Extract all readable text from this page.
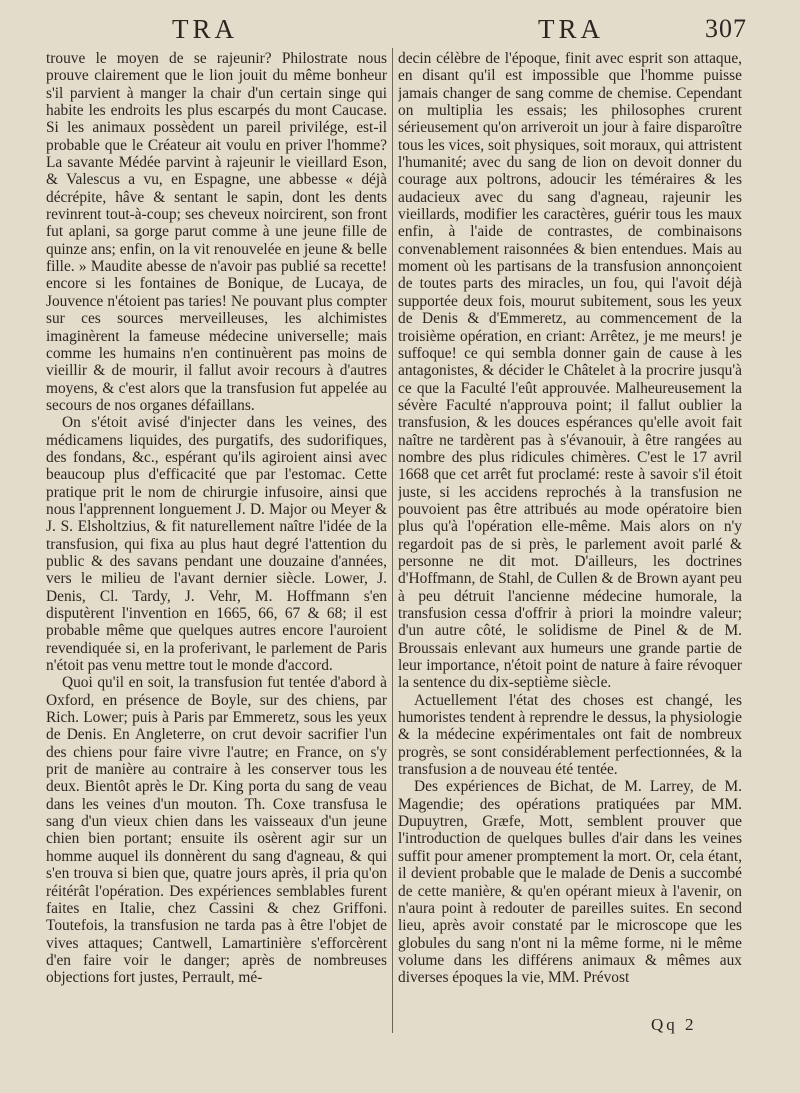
TRA	TRA	307

trouve le moyen de se rajeunir? Philostrate nous prouve clairement que le lion jouit du même bonheur s'il parvient à manger la chair d'un certain singe qui habite les endroits les plus escarpés du mont Caucase. Si les animaux possèdent un pareil privilége, est-il probable que le Créateur ait voulu en priver l'homme? La savante Médée parvint à rajeunir le vieillard Eson, & Valescus a vu, en Espagne, une abbesse « déjà décrépite, hâve & sentant le sapin, dont les dents revinrent tout-à-coup; ses cheveux noircirent, son front fut aplani, sa gorge parut comme à une jeune fille de quinze ans; enfin, on la vit renouvelée en jeune & belle fille. » Maudite abesse de n'avoir pas publié sa recette! encore si les fontaines de Bonique, de Lucaya, de Jouvence n'étoient pas taries! Ne pouvant plus compter sur ces sources merveilleuses, les alchimistes imaginèrent la fameuse médecine universelle; mais comme les humains n'en continuèrent pas moins de vieillir & de mourir, il fallut avoir recours à d'autres moyens, & c'est alors que la transfusion fut appelée au secours de nos organes défaillans.

On s'étoit avisé d'injecter dans les veines, des médicamens liquides, des purgatifs, des sudorifiques, des fondans, &c., espérant qu'ils agiroient ainsi avec beaucoup plus d'efficacité que par l'estomac. Cette pratique prit le nom de chirurgie infusoire, ainsi que nous l'apprennent longuement J. D. Major ou Meyer & J. S. Elsholtzius, & fit naturellement naître l'idée de la transfusion, qui fixa au plus haut degré l'attention du public & des savans pendant une douzaine d'années, vers le milieu de l'avant dernier siècle. Lower, J. Denis, Cl. Tardy, J. Vehr, M. Hoffmann s'en disputèrent l'invention en 1665, 66, 67 & 68; il est probable même que quelques autres encore l'auroient revendiquée si, en la proferivant, le parlement de Paris n'étoit pas venu mettre tout le monde d'accord.

Quoi qu'il en soit, la transfusion fut tentée d'abord à Oxford, en présence de Boyle, sur des chiens, par Rich. Lower; puis à Paris par Emmeretz, sous les yeux de Denis. En Angleterre, on crut devoir sacrifier l'un des chiens pour faire vivre l'autre; en France, on s'y prit de manière au contraire à les conserver tous les deux. Bientôt après le Dr. King porta du sang de veau dans les veines d'un mouton. Th. Coxe transfusa le sang d'un vieux chien dans les vaisseaux d'un jeune chien bien portant; ensuite ils osèrent agir sur un homme auquel ils donnèrent du sang d'agneau, & qui s'en trouva si bien que, quatre jours après, il pria qu'on réitérât l'opération. Des expériences semblables furent faites en Italie, chez Cassini & chez Griffoni. Toutefois, la transfusion ne tarda pas à être l'objet de vives attaques; Cantwell, Lamartinière s'efforcèrent d'en faire voir le danger; après de nombreuses objections fort justes, Perrault, mé-

decin célèbre de l'époque, finit avec esprit son attaque, en disant qu'il est impossible que l'homme puisse jamais changer de sang comme de chemise. Cependant on multiplia les essais; les philosophes crurent sérieusement qu'on arriveroit un jour à faire disparoître tous les vices, soit physiques, soit moraux, qui attristent l'humanité; avec du sang de lion on devoit donner du courage aux poltrons, adoucir les téméraires & les audacieux avec du sang d'agneau, rajeunir les vieillards, modifier les caractères, guérir tous les maux enfin, à l'aide de contrastes, de combinaisons convenablement raisonnées & bien entendues. Mais au moment où les partisans de la transfusion annonçoient de toutes parts des miracles, un fou, qui l'avoit déjà supportée deux fois, mourut subitement, sous les yeux de Denis & d'Emmeretz, au commencement de la troisième opération, en criant: Arrêtez, je me meurs! je suffoque! ce qui sembla donner gain de cause à les antagonistes, & décider le Châtelet à la procrire jusqu'à ce que la Faculté l'eût approuvée. Malheureusement la sévère Faculté n'approuva point; il fallut oublier la transfusion, & les douces espérances qu'elle avoit fait naître ne tardèrent pas à s'évanouir, à être rangées au nombre des plus ridicules chimères. C'est le 17 avril 1668 que cet arrêt fut proclamé: reste à savoir s'il étoit juste, si les accidens reprochés à la transfusion ne pouvoient pas être attribués au mode opératoire bien plus qu'à l'opération elle-même. Mais alors on n'y regardoit pas de si près, le parlement avoit parlé & personne ne dit mot. D'ailleurs, les doctrines d'Hoffmann, de Stahl, de Cullen & de Brown ayant peu à peu détruit l'ancienne médecine humorale, la transfusion cessa d'offrir à priori la moindre valeur; d'un autre côté, le solidisme de Pinel & de M. Broussais enlevant aux humeurs une grande partie de leur importance, n'étoit point de nature à faire révoquer la sentence du dix-septième siècle.

Actuellement l'état des choses est changé, les humoristes tendent à reprendre le dessus, la physiologie & la médecine expérimentales ont fait de nombreux progrès, se sont considérablement perfectionnées, & la transfusion a de nouveau été tentée.

Des expériences de Bichat, de M. Larrey, de M. Magendie; des opérations pratiquées par MM. Dupuytren, Græfe, Mott, semblent prouver que l'introduction de quelques bulles d'air dans les veines suffit pour amener promptement la mort. Or, cela étant, il devient probable que le malade de Denis a succombé de cette manière, & qu'en opérant mieux à l'avenir, on n'aura point à redouter de pareilles suites. En second lieu, après avoir constaté par le microscope que les globules du sang n'ont ni la même forme, ni le même volume dans les différens animaux & mêmes aux diverses époques la vie, MM. Prévost

Qq 2
